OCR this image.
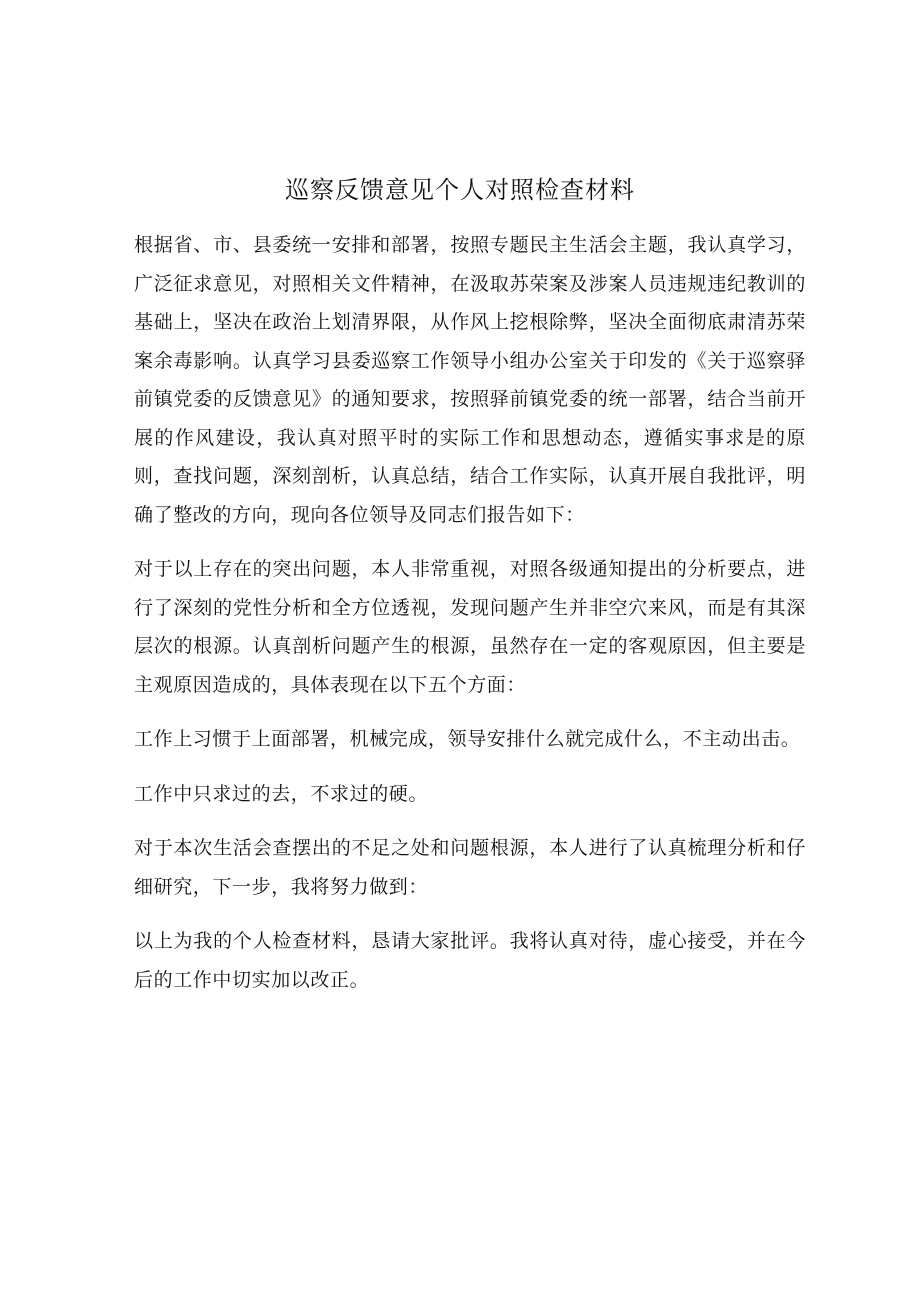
巡察反馈意见个人对照检查材料

根据省、市、县委统一安排和部署，按照专题民主生活会主题，我认真学习，广泛征求意见，对照相关文件精神，在汲取苏荣案及涉案人员违规违纪教训的基础上，坚决在政治上划清界限，从作风上挖根除弊，坚决全面彻底肃清苏荣案余毒影响。认真学习县委巡察工作领导小组办公室关于印发的《关于巡察驿前镇党委的反馈意见》的通知要求，按照驿前镇党委的统一部署，结合当前开展的作风建设，我认真对照平时的实际工作和思想动态，遵循实事求是的原则，查找问题，深刻剖析，认真总结，结合工作实际，认真开展自我批评，明确了整改的方向，现向各位领导及同志们报告如下：

对于以上存在的突出问题，本人非常重视，对照各级通知提出的分析要点，进行了深刻的党性分析和全方位透视，发现问题产生并非空穴来风，而是有其深层次的根源。认真剖析问题产生的根源，虽然存在一定的客观原因，但主要是主观原因造成的，具体表现在以下五个方面：

工作上习惯于上面部署，机械完成，领导安排什么就完成什么，不主动出击。

工作中只求过的去，不求过的硬。

对于本次生活会查摆出的不足之处和问题根源，本人进行了认真梳理分析和仔细研究，下一步，我将努力做到：

以上为我的个人检查材料，恳请大家批评。我将认真对待，虚心接受，并在今后的工作中切实加以改正。
